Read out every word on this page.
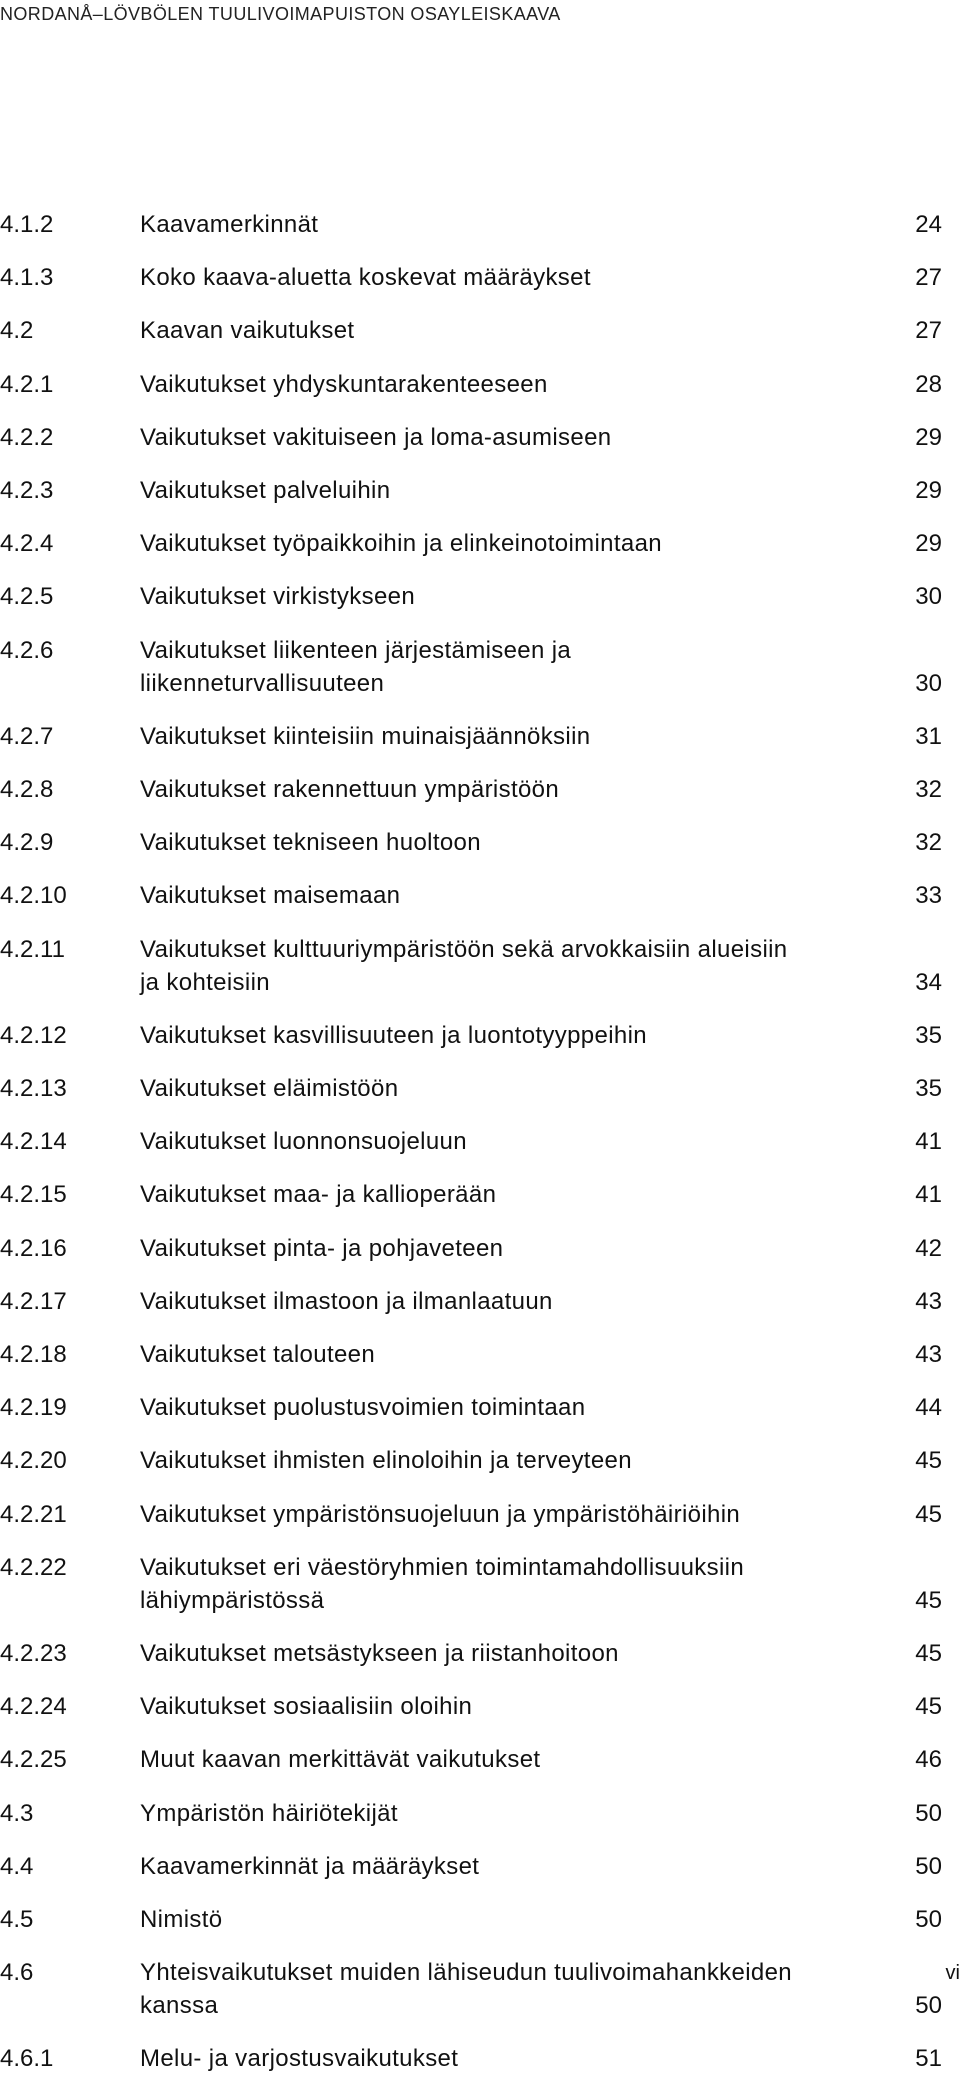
NORDANÅ–LÖVBÖLEN TUULIVOIMAPUISTON OSAYLEISKAAVA
4.1.2	Kaavamerkinnät	24
4.1.3	Koko kaava-aluetta koskevat määräykset	27
4.2	Kaavan vaikutukset	27
4.2.1	Vaikutukset yhdyskuntarakenteeseen	28
4.2.2	Vaikutukset vakituiseen ja loma-asumiseen	29
4.2.3	Vaikutukset palveluihin	29
4.2.4	Vaikutukset työpaikkoihin ja elinkeinotoimintaan	29
4.2.5	Vaikutukset virkistykseen	30
4.2.6	Vaikutukset liikenteen järjestämiseen ja
liikenneturvallisuuteen	30
4.2.7	Vaikutukset kiinteisiin muinaisjäännöksiin	31
4.2.8	Vaikutukset rakennettuun ympäristöön	32
4.2.9	Vaikutukset tekniseen huoltoon	32
4.2.10	Vaikutukset maisemaan	33
4.2.11	Vaikutukset kulttuuriympäristöön sekä arvokkaisiin alueisiin
ja kohteisiin	34
4.2.12	Vaikutukset kasvillisuuteen ja luontotyyppeihin	35
4.2.13	Vaikutukset eläimistöön	35
4.2.14	Vaikutukset luonnonsuojeluun	41
4.2.15	Vaikutukset maa- ja kallioperään	41
4.2.16	Vaikutukset pinta- ja pohjaveteen	42
4.2.17	Vaikutukset ilmastoon ja ilmanlaatuun	43
4.2.18	Vaikutukset talouteen	43
4.2.19	Vaikutukset puolustusvoimien toimintaan	44
4.2.20	Vaikutukset ihmisten elinoloihin ja terveyteen	45
4.2.21	Vaikutukset ympäristönsuojeluun ja ympäristöhäiriöihin	45
4.2.22	Vaikutukset eri väestöryhmien toimintamahdollisuuksiin
lähiympäristössä	45
4.2.23	Vaikutukset metsästykseen ja riistanhoitoon	45
4.2.24	Vaikutukset sosiaalisiin oloihin	45
4.2.25	Muut kaavan merkittävät vaikutukset	46
4.3	Ympäristön häiriötekijät	50
4.4	Kaavamerkinnät ja määräykset	50
4.5	Nimistö	50
4.6	Yhteisvaikutukset muiden lähiseudun tuulivoimahankkeiden
kanssa	50
4.6.1	Melu- ja varjostusvaikutukset	51
vi
